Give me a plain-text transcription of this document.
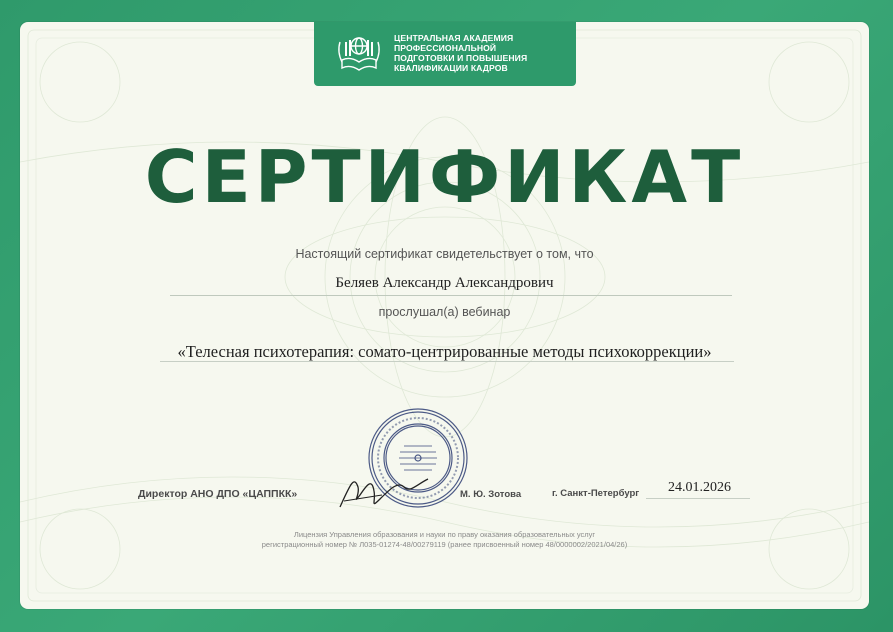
ЦЕНТРАЛЬНАЯ АКАДЕМИЯ
ПРОФЕССИОНАЛЬНОЙ
ПОДГОТОВКИ И ПОВЫШЕНИЯ
КВАЛИФИКАЦИИ КАДРОВ
СЕРТИФИКАТ
Настоящий сертификат свидетельствует о том, что
Беляев Александр Александрович
прослушал(а) вебинар
«Телесная психотерапия: сомато-центрированные методы психокоррекции»
Директор АНО ДПО «ЦАППКК»	М. Ю. Зотова	г. Санкт-Петербург 24.01.2026
Лицензия Управления образования и науки по праву оказания образовательных услуг
регистрационный номер № Л035-01274-48/00279119 (ранее присвоенный номер 48/0000002/2021/04/26)
